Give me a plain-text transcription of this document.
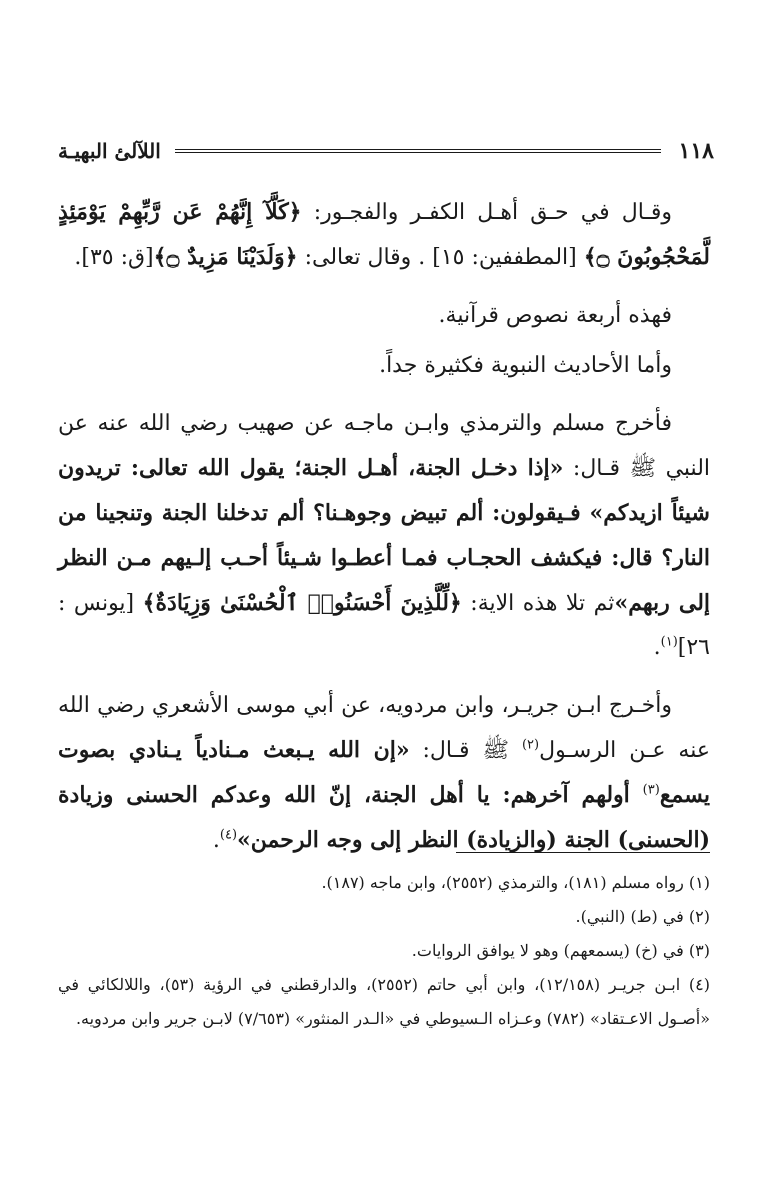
١١٨
اللآلئ البهيـة

وقـال في حـق أهـل الكفـر والفجـور: ﴿كَلَّآ إِنَّهُمْ عَن رَّبِّهِمْ يَوْمَئِذٍ لَّمَحْجُوبُونَ ۝﴾ [المطففين: ١٥] . وقال تعالى: ﴿وَلَدَيْنَا مَزِيدٌ ۝﴾[ق: ٣٥].

فهذه أربعة نصوص قرآنية.

وأما الأحاديث النبوية فكثيرة جداً.

فأخرج مسلم والترمذي وابـن ماجـه عن صهيب رضي الله عنه عن النبي ﷺ قـال: «إذا دخـل الجنة، أهـل الجنة؛ يقول الله تعالى: تريدون شيئاً ازيدكم» فـيقولون: ألم تبيض وجوهـنا؟ ألم تدخلنا الجنة وتنجينا من النار؟ قال: فيكشف الحجـاب فمـا أعطـوا شـيئاً أحـب إلـيهم مـن النظر إلى ربهم»ثم تلا هذه الاية: ﴿لِّلَّذِينَ أَحْسَنُوا۟ ٱلْحُسْنَىٰ وَزِيَادَةٌ﴾ [يونس : ٢٦]$^{(١)}$.

وأخـرج ابـن جريـر، وابن مردويه، عن أبي موسى الأشعري رضي الله عنه عـن الرسـول$^{(٢)}$ ﷺ قـال: «إن الله يـبعث مـنادياً يـنادي بصوت يسمع$^{(٣)}$ أولهم آخرهم: يا أهل الجنة، إنّ الله وعدكم الحسنى وزيادة (الحسنى) الجنة (والزيادة) النظر إلى وجه الرحمن»$^{(٤)}$.

(١) رواه مسلم (١٨١)، والترمذي (٢٥٥٢)، وابن ماجه (١٨٧).

(٢) في (ط) (النبي).

(٣) في (خ) (يسمعهم) وهو لا يوافق الروايات.

(٤) ابـن جريـر (١٢/١٥٨)، وابن أبي حاتم (٢٥٥٢)، والدارقطني في الرؤية (٥٣)، واللالكائي في «أصـول الاعـتقاد» (٧٨٢) وعـزاه الـسيوطي في «الـدر المنثور» (٧/٦٥٣) لابـن جرير وابن مردويه.
